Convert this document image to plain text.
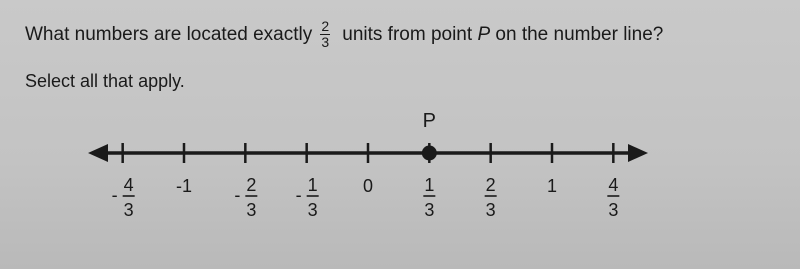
What numbers are located exactly $\frac{2}{3}$ units from point
P
on the number line?
Select all that apply.
- 4
3
-1 - 2
3
- 1
3
0	1
3
2
3
1	4
3
P
